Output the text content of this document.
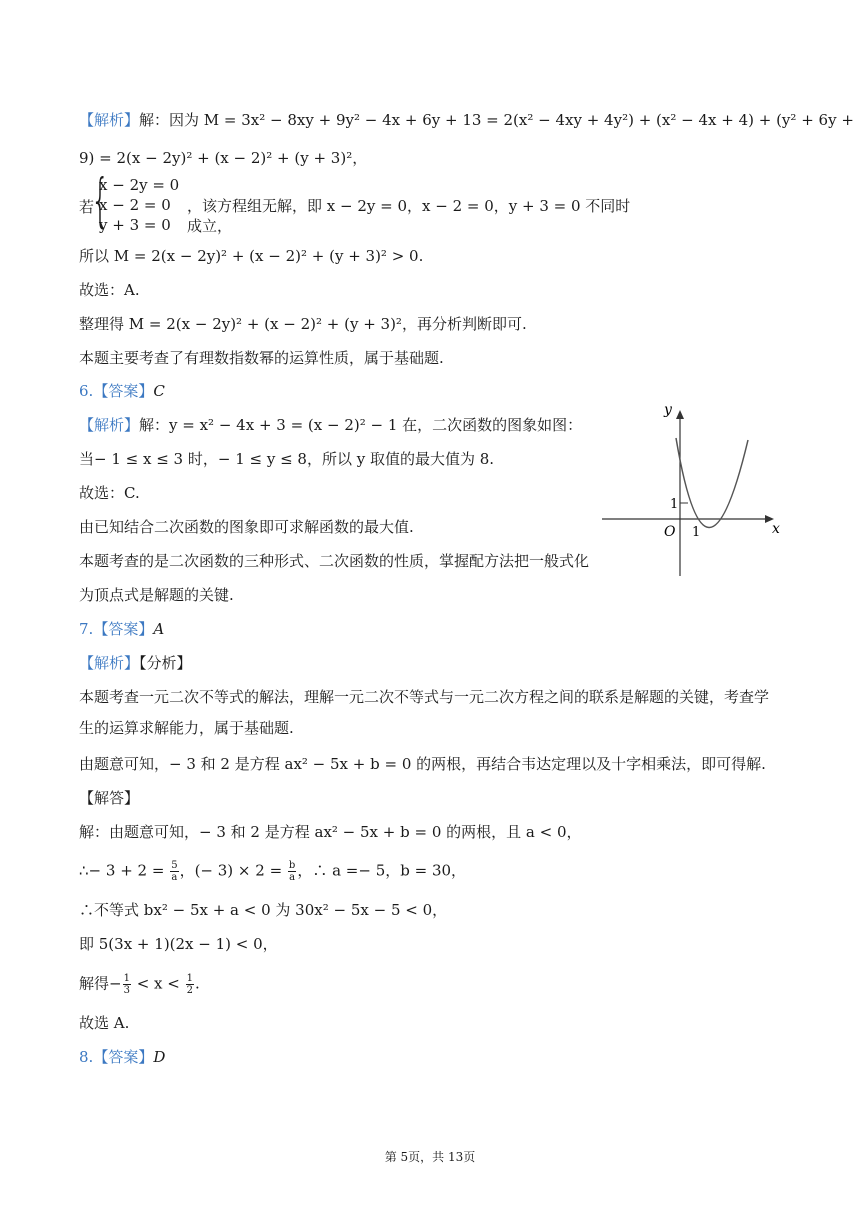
【解析】解：因为 M = 3x² − 8xy + 9y² − 4x + 6y + 13 = 2(x² − 4xy + 4y²) + (x² − 4x + 4) + (y² + 6y +
9) = 2(x − 2y)² + (x − 2)² + (y + 3)²，
若
{
x − 2y = 0
x − 2 = 0
y + 3 = 0
，该方程组无解，即 x − 2y = 0，x − 2 = 0，y + 3 = 0 不同时成立，
所以 M = 2(x − 2y)² + (x − 2)² + (y + 3)² > 0.
故选：A.
整理得 M = 2(x − 2y)² + (x − 2)² + (y + 3)²，再分析判断即可.
本题主要考查了有理数指数幂的运算性质，属于基础题.
6.【答案】C
【解析】解：y = x² − 4x + 3 = (x − 2)² − 1 在，二次函数的图象如图：
当− 1 ≤ x ≤ 3 时，− 1 ≤ y ≤ 8，所以 y 取值的最大值为 8.
故选：C.
由已知结合二次函数的图象即可求解函数的最大值.
本题考查的是二次函数的三种形式、二次函数的性质，掌握配方法把一般式化
为顶点式是解题的关键.
y
x
O 1
1
7.【答案】A
【解析】【分析】
本题考查一元二次不等式的解法，理解一元二次不等式与一元二次方程之间的联系是解题的关键，考查学
生的运算求解能力，属于基础题.
由题意可知，− 3 和 2 是方程 ax² − 5x + b = 0 的两根，再结合韦达定理以及十字相乘法，即可得解.
【解答】
解：由题意可知，− 3 和 2 是方程 ax² − 5x + b = 0 的两根，且 a < 0，
∴− $3 + 2 = \frac{5}{a}$ ，(− $3) \times 2 = \frac{b}{a}$ ，∴ a =− 5，b = 30，
∴不等式 bx² − 5x + a < 0 为 30x² − 5x − 5 < 0，
即 5(3x + 1)(2x − 1) < 0，
解得− $\frac{1}{3} < x < \frac{1}{2}$ .
故选 A.
8.【答案】D
第 5页，共 13页
